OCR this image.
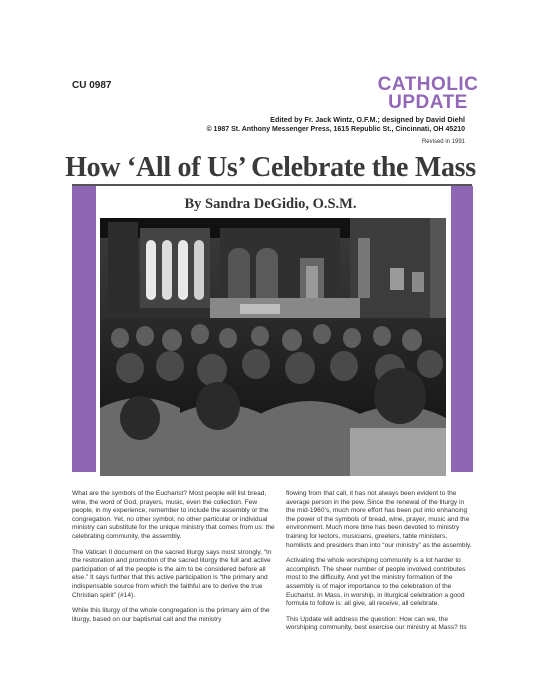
CU 0987	CATHOLIC
UPDATE
Edited by Fr. Jack Wintz, O.F.M.; designed by David Diehl
© 1987 St. Anthony Messenger Press, 1615 Republic St., Cincinnati, OH 45210
Revised in 1991
How ‘All of Us’ Celebrate the Mass
By Sandra DeGidio, O.S.M.

What are the symbols of the Eucharist? Most people will list bread, wine, the word of God, prayers, music, even the collection. Few people, in my experience, remember to include the assembly or the congregation. Yet, no other symbol, no other particular or individual ministry can substitute for the unique ministry that comes from us: the celebrating community, the assembly.

The Vatican II document on the sacred liturgy says most strongly, “In the restoration and promotion of the sacred liturgy the full and active participation of all the people is the aim to be considered before all else.” It says further that this active participation is “the primary and indispensable source from which the faithful are to derive the true Christian spirit” (#14).

While this liturgy of the whole congregation is the primary aim of the liturgy, based on our baptismal call and the ministry

flowing from that call, it has not always been evident to the average person in the pew. Since the renewal of the liturgy in the mid-1960’s, much more effort has been put into enhancing the power of the symbols of bread, wine, prayer, music and the environment. Much more time has been devoted to ministry training for lectors, musicians, greeters, table ministers, homilists and presiders than into “our ministry” as the assembly.

Activating the whole worshiping community is a lot harder to accomplish. The sheer number of people involved contributes most to the difficulty. And yet the ministry formation of the assembly is of major importance to the celebration of the Eucharist. In Mass, in worship, in liturgical celebration a good formula to follow is: all give, all receive, all celebrate.

This Update will address the question: How can we, the worshiping community, best exercise our ministry at Mass? Its
